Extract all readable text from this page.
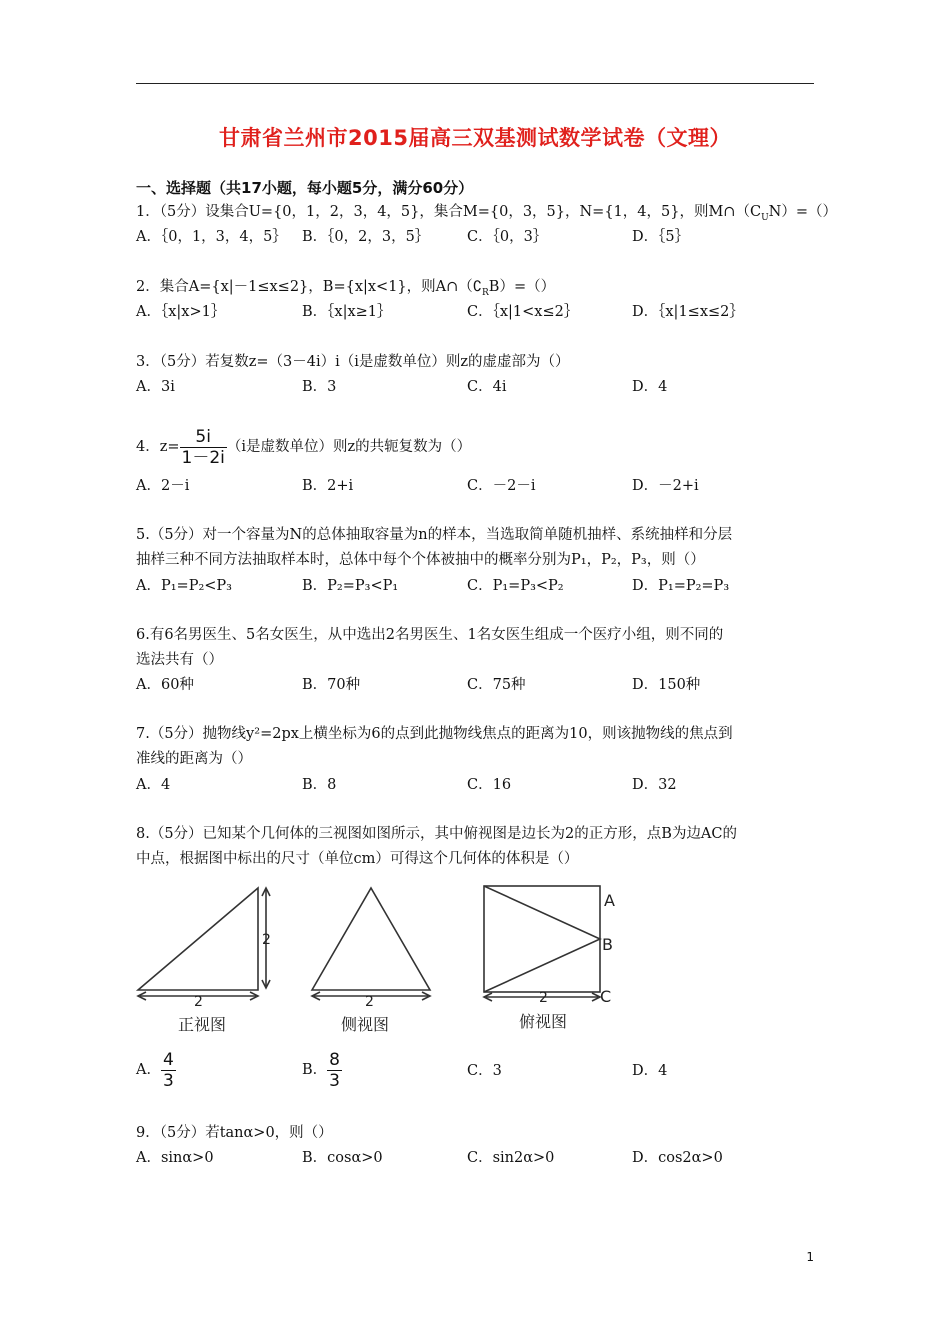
甘肃省兰州市2015届高三双基测试数学试卷（文理）
一、选择题（共17小题，每小题5分，满分60分）
1．（5分）设集合U={0，1，2，3，4，5}，集合M={0，3，5}，N={1，4，5}，则$M\cap(C_UN)=()$
A．｛0，1，3，4，5｝ B．｛0，2，3，5｝	C．｛0，3｝	D．｛5｝
2．集合A={x|－1≤x≤2}，B={x|x<1}，则$A\cap(∁_RB)=()$
A．｛x|x>1｝	B．｛x|x≥1｝	C．｛x|1<x≤2｝	D．｛x|1≤x≤2｝
3．（5分）若复数z=（3－4i）i（i是虚数单位）则z的虚虚部为（）
A．3i	B．3	C．4i	D．4
4．$z= \frac{5i}{1-2i} (i$是虚数单位）则z的共轭复数为（）
A．2－i	B．2+i	C．－2－i	D．－2+i
5.（5分）对一个容量为N的总体抽取容量为n的样本，当选取简单随机抽样、系统抽样和分层
抽样三种不同方法抽取样本时，总体中每个个体被抽中的概率分别为P₁，P₂，P₃，则（）
A．P₁=P₂<P₃	B．P₂=P₃<P₁	C．P₁=P₃<P₂	D．P₁=P₂=P₃
6.有6名男医生、5名女医生，从中选出2名男医生、1名女医生组成一个医疗小组，则不同的
选法共有（）
A．60种	B．70种	C．75种	D．150种
7.（5分）抛物线y²=2px上横坐标为6的点到此抛物线焦点的距离为10，则该抛物线的焦点到
准线的距离为（）
A．4	B．8	C．16	D．32
8.（5分）已知某个几何体的三视图如图所示，其中俯视图是边长为2的正方形，点B为边AC的
中点，根据图中标出的尺寸（单位cm）可得这个几何体的体积是（）
2
2
正视图
2
侧视图
A
B
C
2
俯视图
A． $\frac{4}{3}$	B． $\frac{8}{3}$	C．3	D．4
9．（5分）若tanα>0，则（）
A．sinα>0	B．cosα>0	C．sin2α>0	D．cos2α>0
1
